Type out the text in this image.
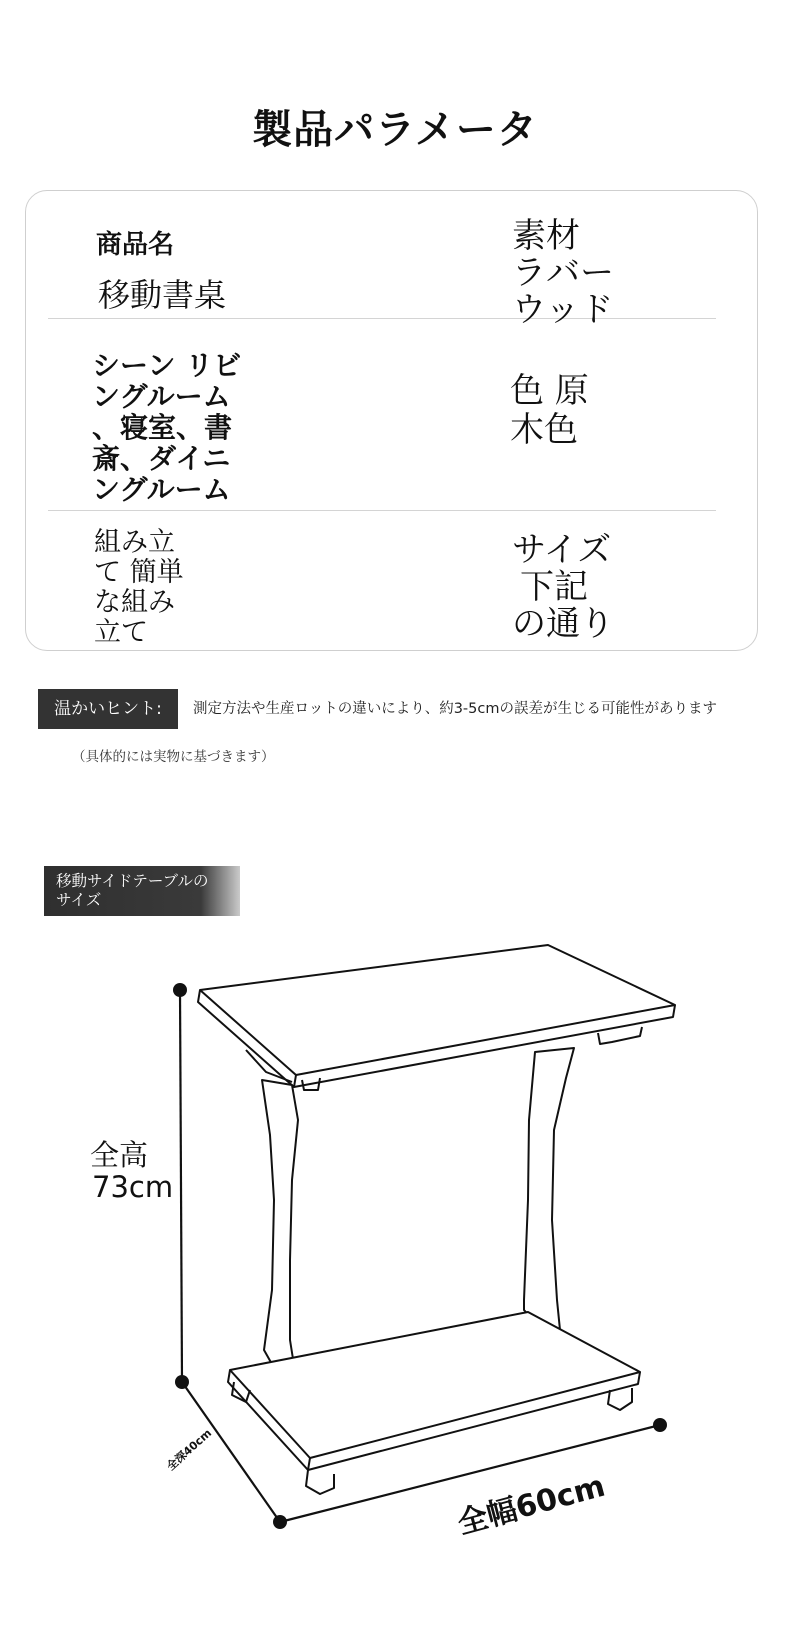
製品パラメータ
商品名
移動書桌
素材
ラバー
ウッド
シーン リビ
ングルーム
、寝室、書
斎、ダイニ
ングルーム
色 原
木色
組み立
て 簡単
な組み
立て
サイズ
下記
の通り
温かいヒント:	測定方法や生産ロットの違いにより、約3-5cmの誤差が生じる可能性があります
（具体的には実物に基づきます）
移動サイドテーブルの
サイズ
全高
73cm
全深40cm
全幅60cm
